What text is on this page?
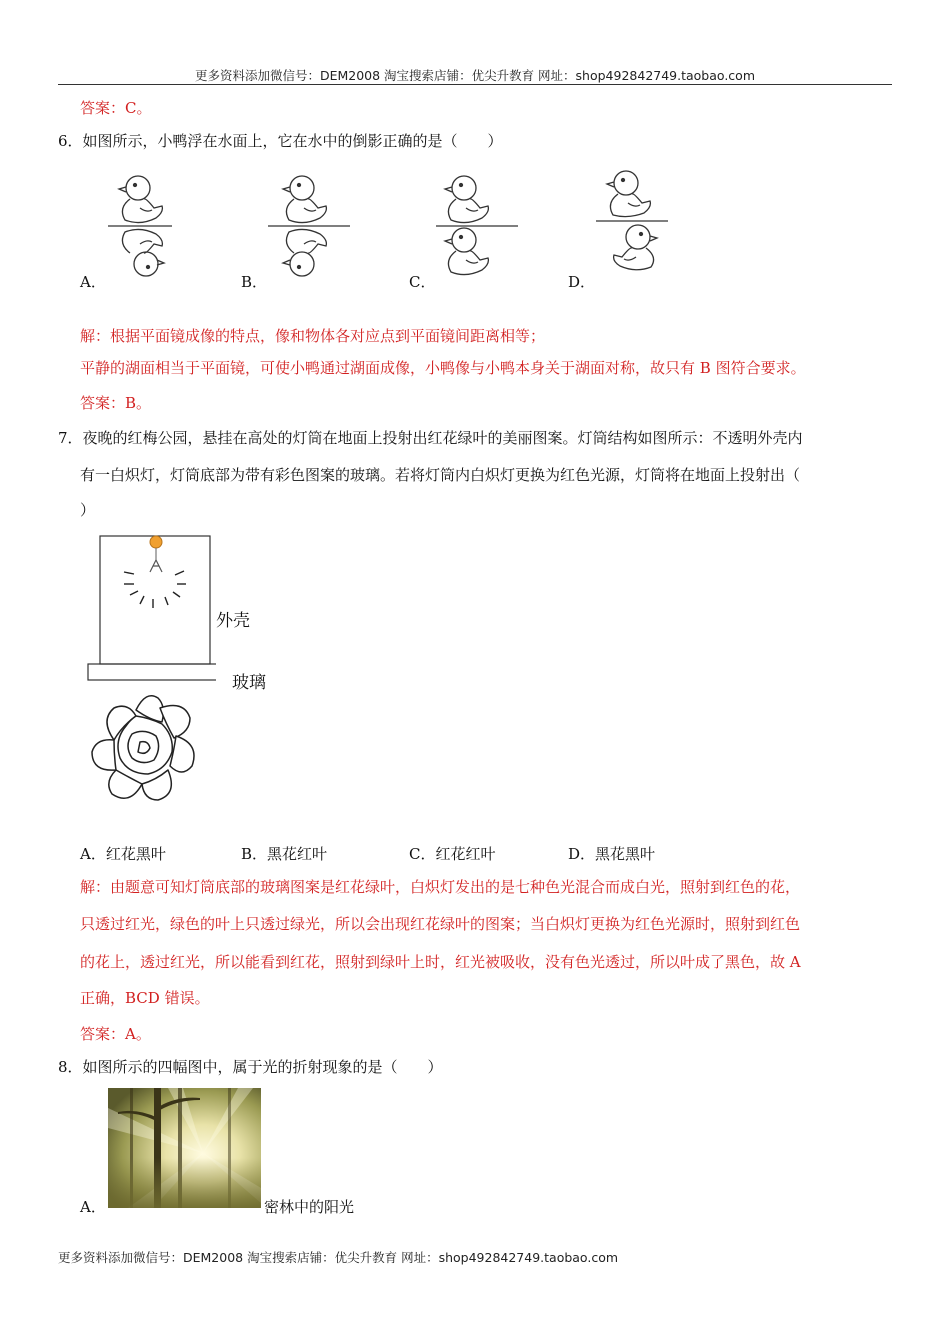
更多资料添加微信号：DEM2008 淘宝搜索店铺：优尖升教育 网址：shop492842749.taobao.com
答案：C。
6．如图所示，小鸭浮在水面上，它在水中的倒影正确的是（　　）
A．	B．	C．	D．
解：根据平面镜成像的特点，像和物体各对应点到平面镜间距离相等；
平静的湖面相当于平面镜，可使小鸭通过湖面成像，小鸭像与小鸭本身关于湖面对称，故只有 B 图符合要求。
答案：B。
7．夜晚的红梅公园，悬挂在高处的灯筒在地面上投射出红花绿叶的美丽图案。灯筒结构如图所示：不透明外壳内
有一白炽灯，灯筒底部为带有彩色图案的玻璃。若将灯筒内白炽灯更换为红色光源，灯筒将在地面上投射出（
）
外壳
玻璃
A．红花黑叶	B．黑花红叶	C．红花红叶	D．黑花黑叶
解：由题意可知灯筒底部的玻璃图案是红花绿叶，白炽灯发出的是七种色光混合而成白光，照射到红色的花，
只透过红光，绿色的叶上只透过绿光，所以会出现红花绿叶的图案；当白炽灯更换为红色光源时，照射到红色
的花上，透过红光，所以能看到红花，照射到绿叶上时，红光被吸收，没有色光透过，所以叶成了黑色，故 A
正确，BCD 错误。
答案：A。
8．如图所示的四幅图中，属于光的折射现象的是（　　）
A．	密林中的阳光
更多资料添加微信号：DEM2008 淘宝搜索店铺：优尖升教育 网址：shop492842749.taobao.com
